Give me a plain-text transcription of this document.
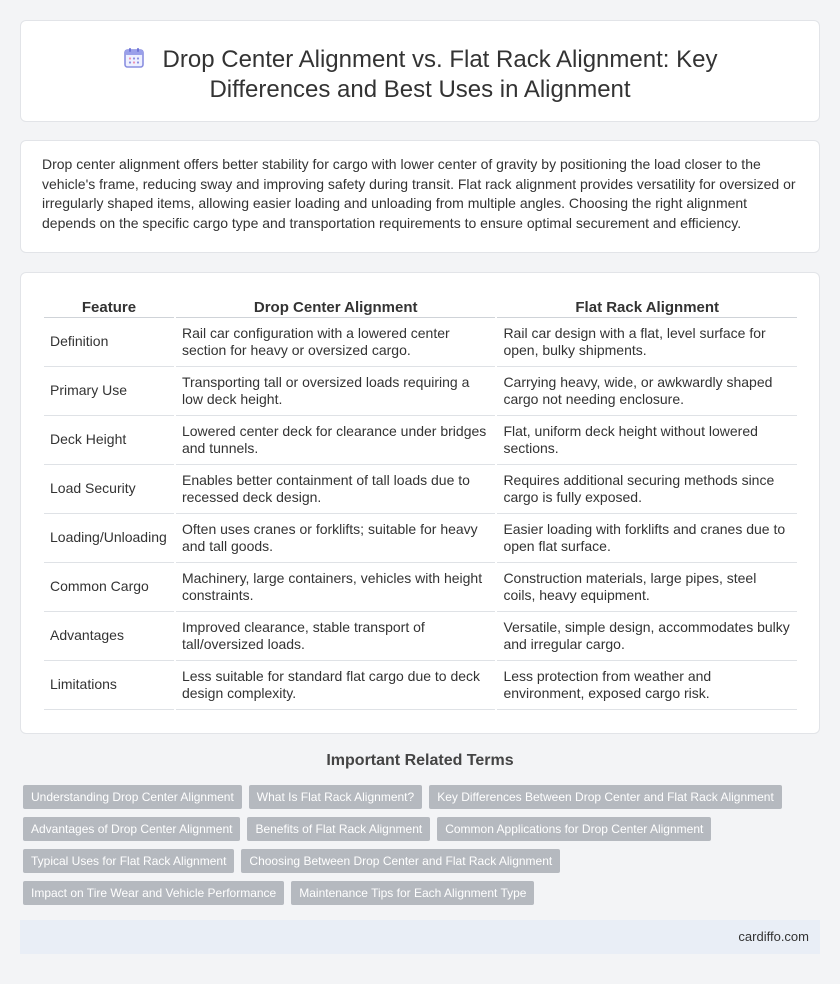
Drop Center Alignment vs. Flat Rack Alignment: Key Differences and Best Uses in Alignment

Drop center alignment offers better stability for cargo with lower center of gravity by positioning the load closer to the vehicle's frame, reducing sway and improving safety during transit. Flat rack alignment provides versatility for oversized or irregularly shaped items, allowing easier loading and unloading from multiple angles. Choosing the right alignment depends on the specific cargo type and transportation requirements to ensure optimal securement and efficiency.

Feature	Drop Center Alignment	Flat Rack Alignment
Definition	Rail car configuration with a lowered center section for heavy or oversized cargo.	Rail car design with a flat, level surface for open, bulky shipments.
Primary Use	Transporting tall or oversized loads requiring a low deck height.	Carrying heavy, wide, or awkwardly shaped cargo not needing enclosure.
Deck Height	Lowered center deck for clearance under bridges and tunnels.	Flat, uniform deck height without lowered sections.
Load Security	Enables better containment of tall loads due to recessed deck design.	Requires additional securing methods since cargo is fully exposed.
Loading/Unloading	Often uses cranes or forklifts; suitable for heavy and tall goods.	Easier loading with forklifts and cranes due to open flat surface.
Common Cargo	Machinery, large containers, vehicles with height constraints.	Construction materials, large pipes, steel coils, heavy equipment.
Advantages	Improved clearance, stable transport of tall/oversized loads.	Versatile, simple design, accommodates bulky and irregular cargo.
Limitations	Less suitable for standard flat cargo due to deck design complexity.	Less protection from weather and environment, exposed cargo risk.
Important Related Terms
Understanding Drop Center Alignment	What Is Flat Rack Alignment?	Key Differences Between Drop Center and Flat Rack Alignment
Advantages of Drop Center Alignment	Benefits of Flat Rack Alignment	Common Applications for Drop Center Alignment
Typical Uses for Flat Rack Alignment	Choosing Between Drop Center and Flat Rack Alignment
Impact on Tire Wear and Vehicle Performance	Maintenance Tips for Each Alignment Type
cardiffo.com
